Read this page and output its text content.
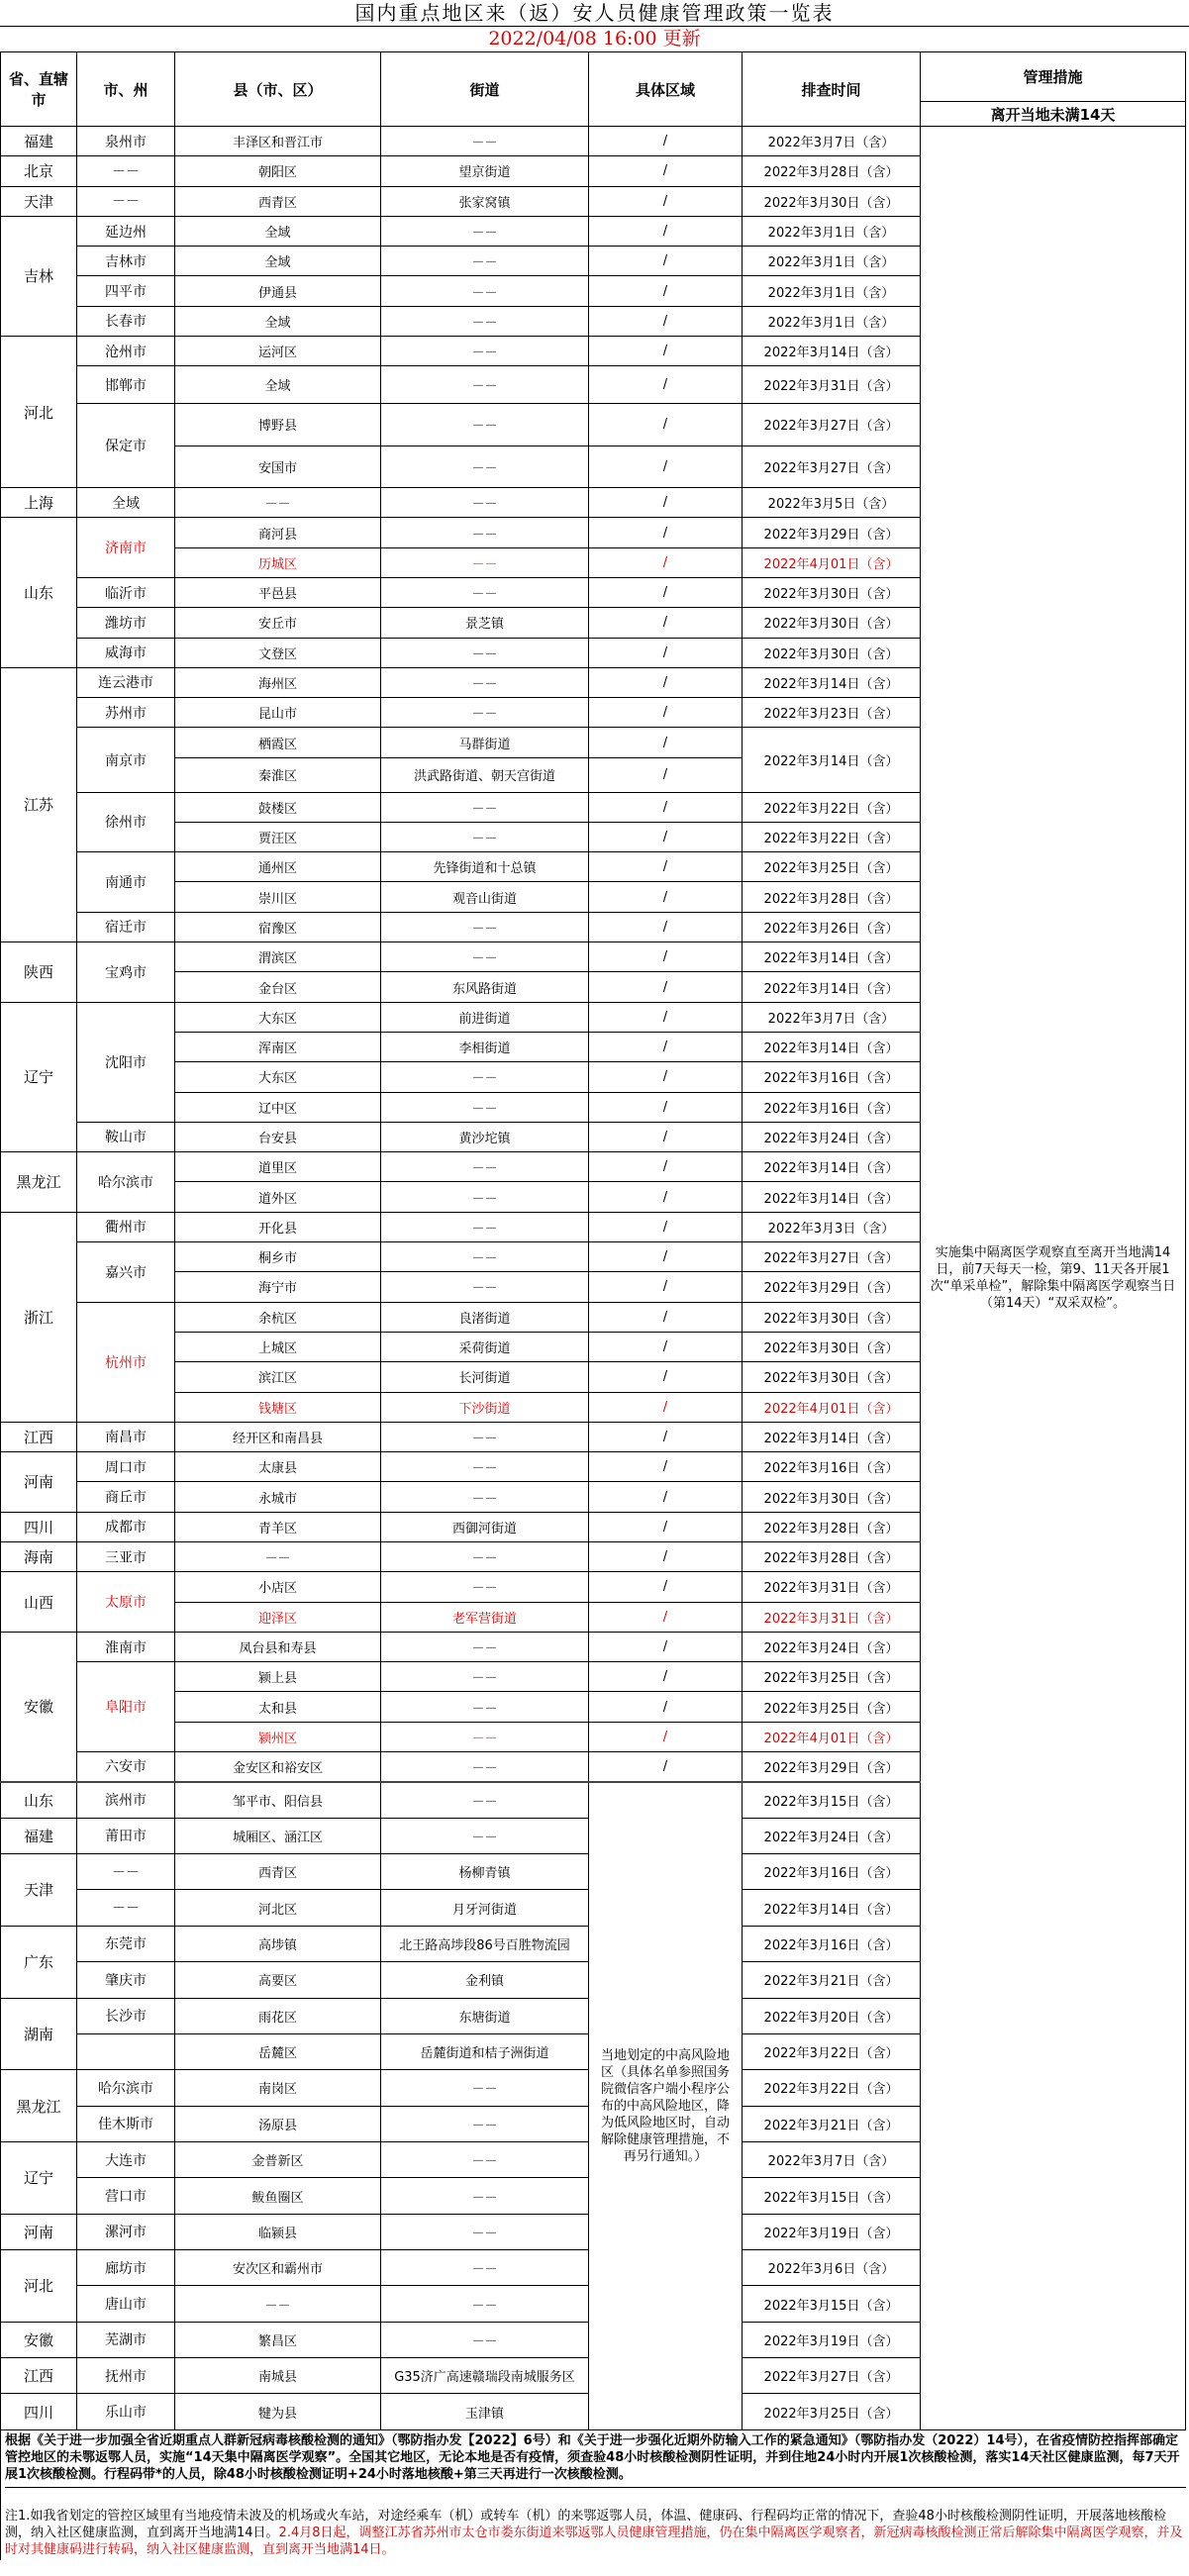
国内重点地区来（返）安人员健康管理政策一览表
2022/04/08 16:00 更新
省、直辖市	市、州	县（市、区）	街道	具体区域	排查时间	管理措施
						离开当地未满14天
福建	泉州市	丰泽区和晋江市	－－	/	2022年3月7日（含）	实施集中隔离医学观察直至离开当地满14日，前7天每天一检，第9、11天各开展1次“单采单检”，解除集中隔离医学观察当日（第14天）“双采双检”。
北京	－－	朝阳区	望京街道	/	2022年3月28日（含）	
天津	－－	西青区	张家窝镇	/	2022年3月30日（含）	
吉林	延边州	全域	－－	/	2022年3月1日（含）	
	吉林市	全域	－－	/	2022年3月1日（含）	
	四平市	伊通县	－－	/	2022年3月1日（含）	
	长春市	全域	－－	/	2022年3月1日（含）	
河北	沧州市	运河区	－－	/	2022年3月14日（含）	
	邯郸市	全域	－－	/	2022年3月31日（含）	
	保定市	博野县	－－	/	2022年3月27日（含）	
		安国市	－－	/	2022年3月27日（含）	
上海	全域	－－	－－	/	2022年3月5日（含）	
山东	济南市	商河县	－－	/	2022年3月29日（含）	
		历城区	－－	/	2022年4月01日（含）	
	临沂市	平邑县	－－	/	2022年3月30日（含）	
	潍坊市	安丘市	景芝镇	/	2022年3月30日（含）	
	威海市	文登区	－－	/	2022年3月30日（含）	
江苏	连云港市	海州区	－－	/	2022年3月14日（含）	
	苏州市	昆山市	－－	/	2022年3月23日（含）	
	南京市	栖霞区	马群街道	/	2022年3月14日（含）	
		秦淮区	洪武路街道、朝天宫街道	/		
	徐州市	鼓楼区	－－	/	2022年3月22日（含）	
		贾汪区	－－	/	2022年3月22日（含）	
	南通市	通州区	先锋街道和十总镇	/	2022年3月25日（含）	
		崇川区	观音山街道	/	2022年3月28日（含）	
	宿迁市	宿豫区	－－	/	2022年3月26日（含）	
陕西	宝鸡市	渭滨区	－－	/	2022年3月14日（含）	
		金台区	东风路街道	/	2022年3月14日（含）	
辽宁	沈阳市	大东区	前进街道	/	2022年3月7日（含）	
		浑南区	李相街道	/	2022年3月14日（含）	
		大东区	－－	/	2022年3月16日（含）	
		辽中区	－－	/	2022年3月16日（含）	
	鞍山市	台安县	黄沙坨镇	/	2022年3月24日（含）	
黑龙江	哈尔滨市	道里区	－－	/	2022年3月14日（含）	
		道外区	－－	/	2022年3月14日（含）	
浙江	衢州市	开化县	－－	/	2022年3月3日（含）	
	嘉兴市	桐乡市	－－	/	2022年3月27日（含）	
		海宁市	－－	/	2022年3月29日（含）	
	杭州市	余杭区	良渚街道	/	2022年3月30日（含）	
		上城区	采荷街道	/	2022年3月30日（含）	
		滨江区	长河街道	/	2022年3月30日（含）	
		钱塘区	下沙街道	/	2022年4月01日（含）	
江西	南昌市	经开区和南昌县	－－	/	2022年3月14日（含）	
河南	周口市	太康县	－－	/	2022年3月16日（含）	
	商丘市	永城市	－－	/	2022年3月30日（含）	
四川	成都市	青羊区	西御河街道	/	2022年3月28日（含）	
海南	三亚市	－－	－－	/	2022年3月28日（含）	
山西	太原市	小店区	－－	/	2022年3月31日（含）	
		迎泽区	老军营街道	/	2022年3月31日（含）	
安徽	淮南市	凤台县和寿县	－－	/	2022年3月24日（含）	
	阜阳市	颍上县	－－	/	2022年3月25日（含）	
		太和县	－－	/	2022年3月25日（含）	
		颍州区	－－	/	2022年4月01日（含）	
	六安市	金安区和裕安区	－－	/	2022年3月29日（含）	
山东	滨州市	邹平市、阳信县	－－	当地划定的中高风险地区（具体名单参照国务院微信客户端小程序公布的中高风险地区，降为低风险地区时，自动解除健康管理措施，不再另行通知。）	2022年3月15日（含）	
福建	莆田市	城厢区、涵江区	－－		2022年3月24日（含）	
天津	－－	西青区	杨柳青镇		2022年3月16日（含）	
	－－	河北区	月牙河街道		2022年3月14日（含）	
广东	东莞市	高埗镇	北王路高埗段86号百胜物流园		2022年3月16日（含）	
	肇庆市	高要区	金利镇		2022年3月21日（含）	
湖南	长沙市	雨花区	东塘街道		2022年3月20日（含）	
		岳麓区	岳麓街道和桔子洲街道		2022年3月22日（含）	
黑龙江	哈尔滨市	南岗区	－－		2022年3月22日（含）	
	佳木斯市	汤原县	－－		2022年3月21日（含）	
辽宁	大连市	金普新区	－－		2022年3月7日（含）	
	营口市	鲅鱼圈区	－－		2022年3月15日（含）	
河南	漯河市	临颍县	－－		2022年3月19日（含）	
河北	廊坊市	安次区和霸州市	－－		2022年3月6日（含）	
	唐山市	－－	－－		2022年3月15日（含）	
安徽	芜湖市	繁昌区	－－		2022年3月19日（含）	
江西	抚州市	南城县	G35济广高速赣瑞段南城服务区		2022年3月27日（含）	
四川	乐山市	犍为县	玉津镇		2022年3月25日（含）	

根据《关于进一步加强全省近期重点人群新冠病毒核酸检测的通知》（鄂防指办发【2022】6号）和《关于进一步强化近期外防输入工作的紧急通知》（鄂防指办发（2022）14号），在省疫情防控指挥部确定管控地区的未鄂返鄂人员，实施“14天集中隔离医学观察”。全国其它地区，无论本地是否有疫情，须查验48小时核酸检测阴性证明，并到住地24小时内开展1次核酸检测，落实14天社区健康监测，每7天开展1次核酸检测。行程码带*的人员，除48小时核酸检测证明+24小时落地核酸+第三天再进行一次核酸检测。

注1.如我省划定的管控区域里有当地疫情未波及的机场或火车站，对途经乘车（机）或转车（机）的来鄂返鄂人员，体温、健康码、行程码均正常的情况下，查验48小时核酸检测阴性证明，开展落地核酸检测，纳入社区健康监测，直到离开当地满14日。2.4月8日起，调整江苏省苏州市太仓市娄东街道来鄂返鄂人员健康管理措施，仍在集中隔离医学观察者，新冠病毒核酸检测正常后解除集中隔离医学观察，并及时对其健康码进行转码，纳入社区健康监测，直到离开当地满14日。
